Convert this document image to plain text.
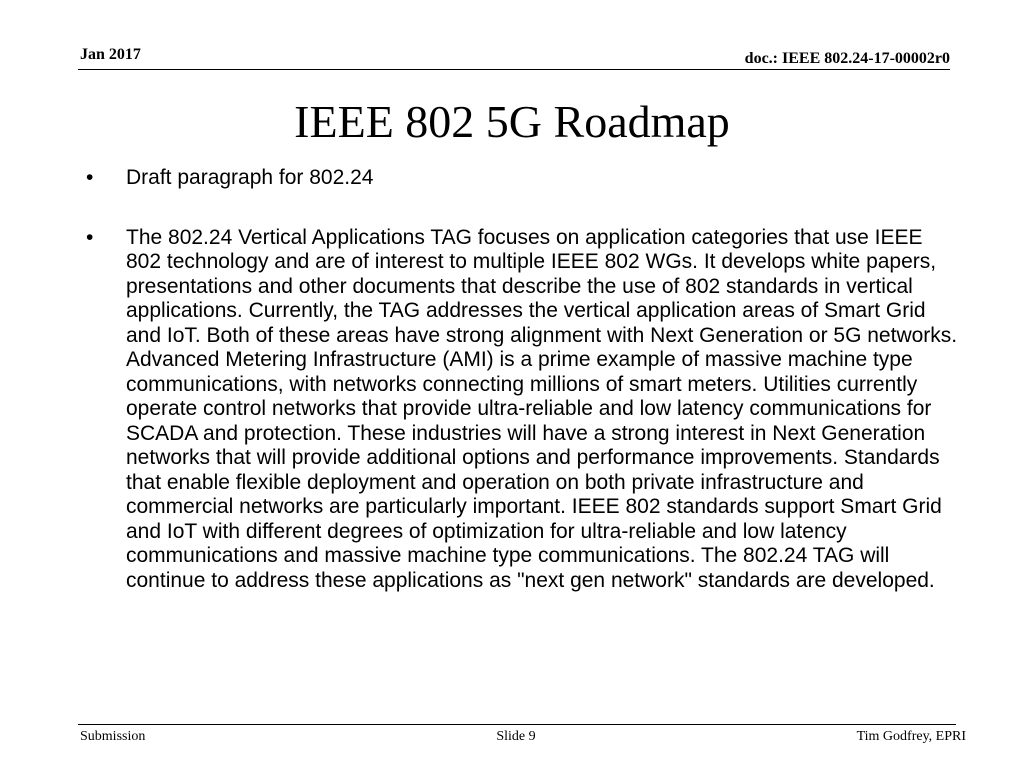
Jan 2017	doc.: IEEE 802.24-17-00002r0
IEEE 802 5G Roadmap
• Draft paragraph for 802.24
• The 802.24 Vertical Applications TAG focuses on application categories that use IEEE 802 technology and are of interest to multiple IEEE 802 WGs. It develops white papers, presentations and other documents that describe the use of 802 standards in vertical applications. Currently, the TAG addresses the vertical application areas of Smart Grid and IoT. Both of these areas have strong alignment with Next Generation or 5G networks. Advanced Metering Infrastructure (AMI) is a prime example of massive machine type communications, with networks connecting millions of smart meters. Utilities currently operate control networks that provide ultra-reliable and low latency communications for SCADA and protection. These industries will have a strong interest in Next Generation networks that will provide additional options and performance improvements. Standards that enable flexible deployment and operation on both private infrastructure and commercial networks are particularly important. IEEE 802 standards support Smart Grid and IoT with different degrees of optimization for ultra-reliable and low latency communications and massive machine type communications. The 802.24 TAG will continue to address these applications as "next gen network" standards are developed.
Submission	Slide 9	Tim Godfrey, EPRI
